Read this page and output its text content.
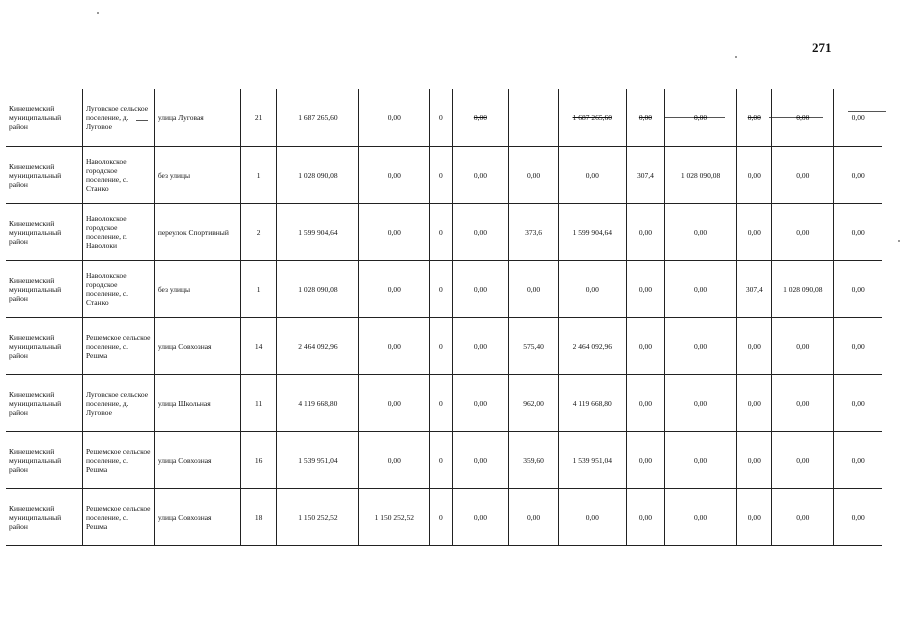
271
Кинешемский муниципальный район	Луговское сельское поселение, д. Луговое	улица Луговая	21	1 687 265,60	0,00	0	0,00		1 687 265,60	0,00	0,00	0,00	0,00	0,00
Кинешемский муниципальный район	Наволокское городское поселение, с. Станко	без улицы	1	1 028 090,08	0,00	0	0,00	0,00	0,00	307,4	1 028 090,08	0,00	0,00	0,00
Кинешемский муниципальный район	Наволокское городское поселение, г. Наволоки	переулок Спортивный	2	1 599 904,64	0,00	0	0,00	373,6	1 599 904,64	0,00	0,00	0,00	0,00	0,00
Кинешемский муниципальный район	Наволокское городское поселение, с. Станко	без улицы	1	1 028 090,08	0,00	0	0,00	0,00	0,00	0,00	0,00	307,4	1 028 090,08	0,00
Кинешемский муниципальный район	Решемское сельское поселение, с. Решма	улица Совхозная	14	2 464 092,96	0,00	0	0,00	575,40	2 464 092,96	0,00	0,00	0,00	0,00	0,00
Кинешемский муниципальный район	Луговское сельское поселение, д. Луговое	улица Школьная	11	4 119 668,80	0,00	0	0,00	962,00	4 119 668,80	0,00	0,00	0,00	0,00	0,00
Кинешемский муниципальный район	Решемское сельское поселение, с. Решма	улица Совхозная	16	1 539 951,04	0,00	0	0,00	359,60	1 539 951,04	0,00	0,00	0,00	0,00	0,00
Кинешемский муниципальный район	Решемское сельское поселение, с. Решма	улица Совхозная	18	1 150 252,52	1 150 252,52	0	0,00	0,00	0,00	0,00	0,00	0,00	0,00	0,00
